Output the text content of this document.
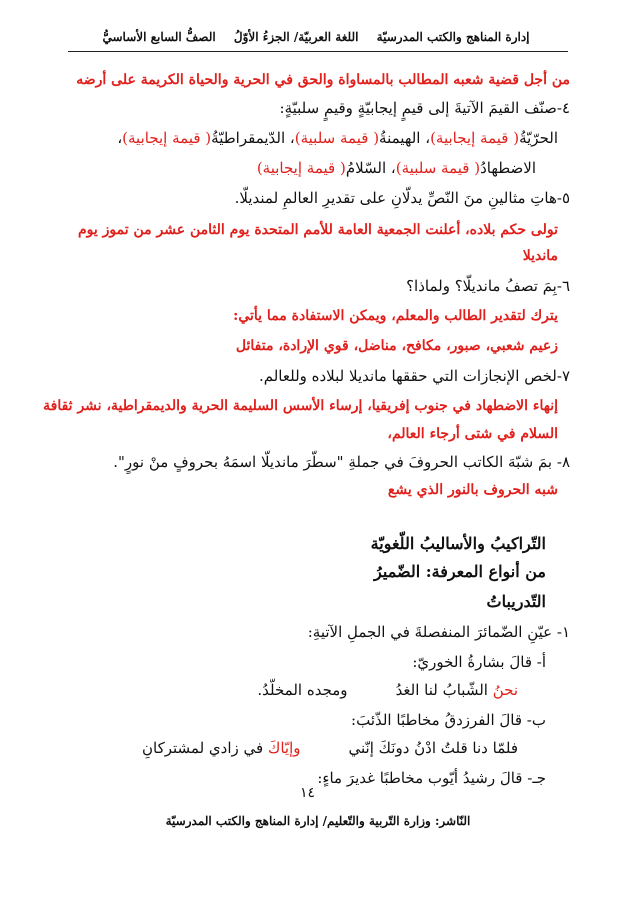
إدارة المناهج والكتب المدرسيّة اللغة العربيّة/ الجزءُ الأوّلُ الصفُّ السابع الأساسيُّ
من أجل قضية شعبه المطالب بالمساواة والحق في الحرية والحياة الكريمة على أرضه
٤-صنّف القيمَ الآتيةَ إلى قيمٍ إيجابيّةٍ وقيمٍ سلبيّةٍ:
الحرّيّةُ( قيمة إيجابية)، الهيمنةُ( قيمة سلبية)، الدّيمقراطيّةُ( قيمة إيجابية)،
الاضطهادُ( قيمة سلبية)، السّلامُ( قيمة إيجابية)
٥-هاتِ مثالينِ منَ النّصِّ يدلّانِ على تقديرِ العالمِ لمنديلّا.
تولى حكم بلاده، أعلنت الجمعية العامة للأمم المتحدة يوم الثامن عشر من تموز يوم
مانديلا
٦-بِمَ تصفُ مانديلّا؟ ولماذا؟
يترك لتقدير الطالب والمعلم، ويمكن الاستفادة مما يأتي:
زعيم شعبي، صبور، مكافح، مناضل، قوي الإرادة، متفائل
٧-لخص الإنجازات التي حققها مانديلا لبلاده وللعالم.
إنهاء الاضطهاد في جنوب إفريقيا، إرساء الأسس السليمة الحرية والديمقراطية، نشر ثقافة
السلام في شتى أرجاء العالم،
٨- بمَ شبّهَ الكاتب الحروفَ في جملةِ "سطّرَ مانديلّا اسمَهُ بحروفٍ منْ نورٍ".
شبه الحروف بالنور الذي يشع
التّراكيبُ والأساليبُ اللّغويّة
من أنواع المعرفة: الضّميرُ
التّدريباتُ
١- عيّنِ الضّمائرَ المنفصلةَ في الجملِ الآتيةِ:
أ- قالَ بشارةُ الخوريّ:
نحنُ الشّبابُ لنا الغدُومجده المخلّدُ.
ب- قالَ الفرزدقُ مخاطبًا الذّئبَ:
فلمّا دنا قلتُ ادْنُ دونَكَ إنّنيوإيّاكَ في زادي لمشتركانِ
جـ- قالَ رشيدُ أيّوب مخاطبًا غديرَ ماءٍ:
١٤
النّاشر: وزارة التّربية والتّعليم/ إدارة المناهج والكتب المدرسيّة
